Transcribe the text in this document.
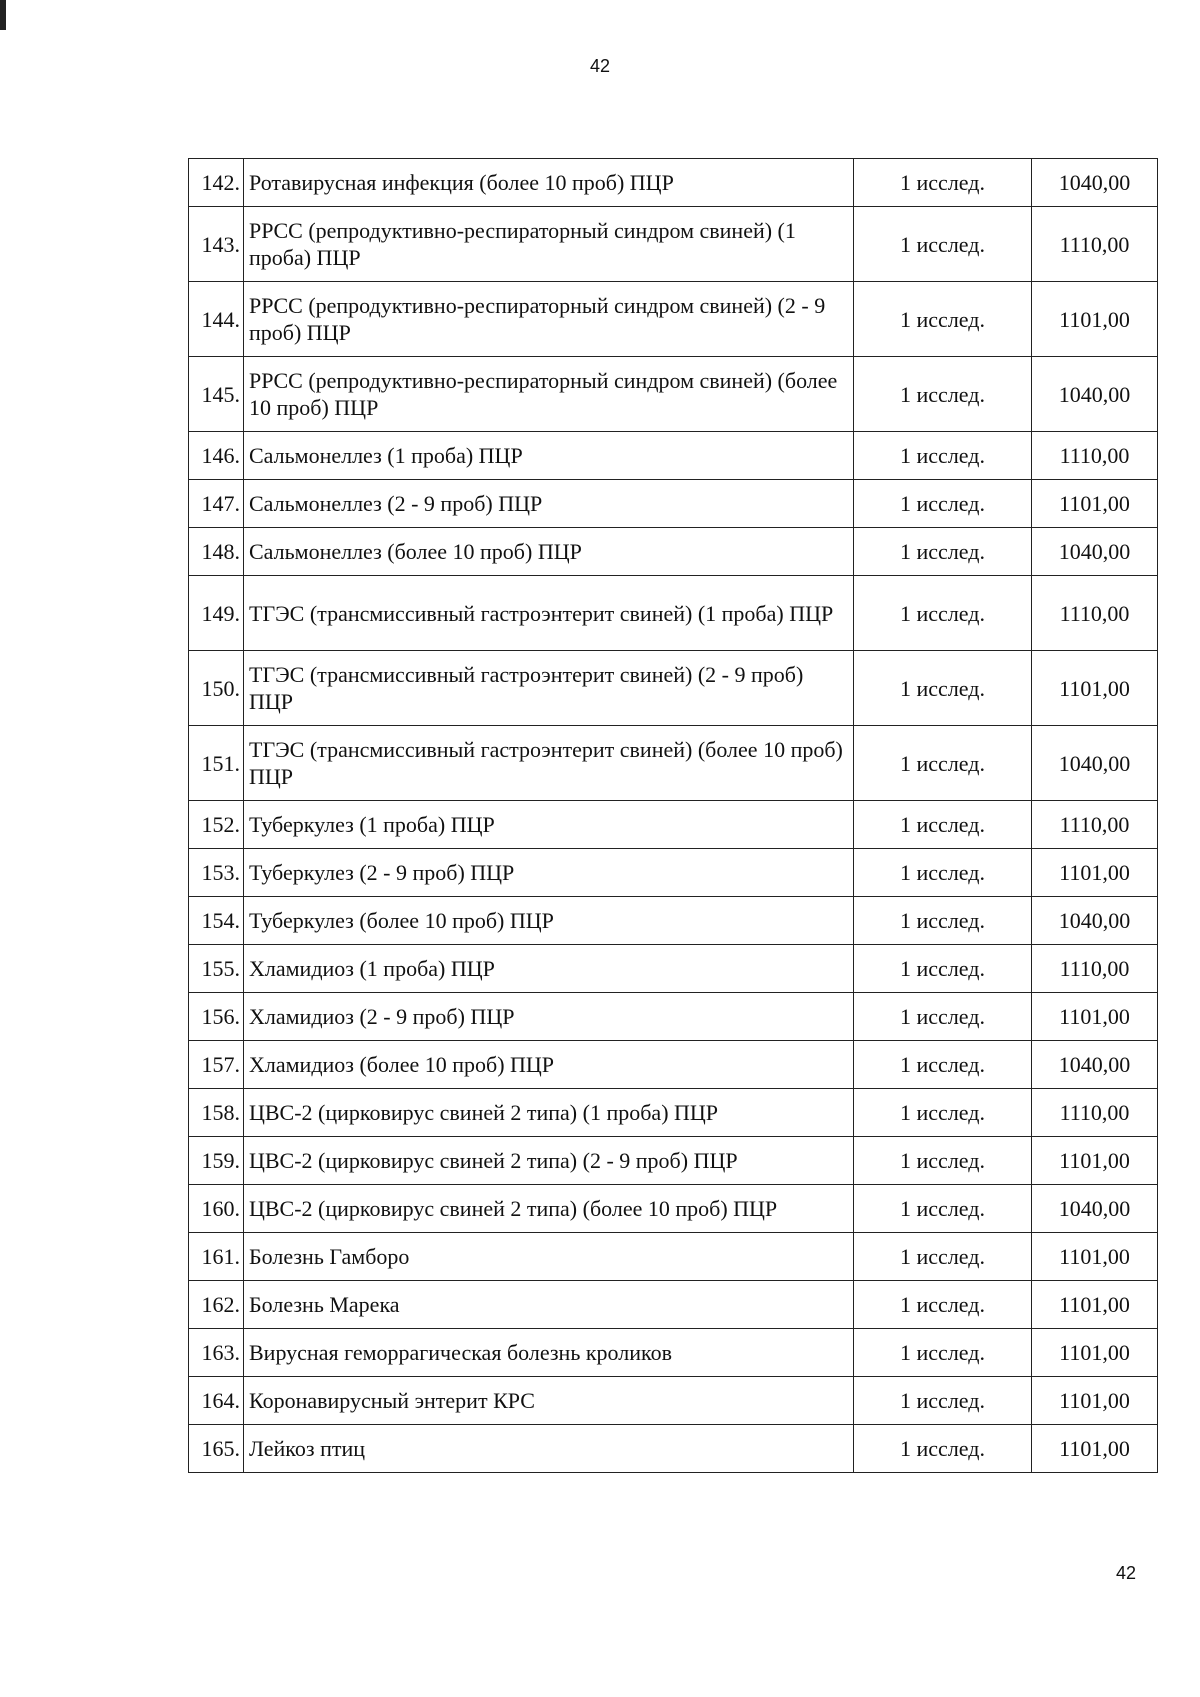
42
142.	Ротавирусная инфекция (более 10 проб) ПЦР	1 исслед.	1040,00
143.	PPCC (репродуктивно-респираторный синдром свиней) (1 проба) ПЦР	1 исслед.	1110,00
144.	PPCC (репродуктивно-респираторный синдром свиней) (2 - 9 проб) ПЦР	1 исслед.	1101,00
145.	PPCC (репродуктивно-респираторный синдром свиней) (более 10 проб) ПЦР	1 исслед.	1040,00
146.	Сальмонеллез (1 проба) ПЦР	1 исслед.	1110,00
147.	Сальмонеллез (2 - 9 проб) ПЦР	1 исслед.	1101,00
148.	Сальмонеллез (более 10 проб) ПЦР	1 исслед.	1040,00
149.	ТГЭС (трансмиссивный гастроэнтерит свиней) (1 проба) ПЦР	1 исслед.	1110,00
150.	ТГЭС (трансмиссивный гастроэнтерит свиней) (2 - 9 проб) ПЦР	1 исслед.	1101,00
151.	ТГЭС (трансмиссивный гастроэнтерит свиней) (более 10 проб) ПЦР	1 исслед.	1040,00
152.	Туберкулез (1 проба) ПЦР	1 исслед.	1110,00
153.	Туберкулез (2 - 9 проб) ПЦР	1 исслед.	1101,00
154.	Туберкулез (более 10 проб) ПЦР	1 исслед.	1040,00
155.	Хламидиоз (1 проба) ПЦР	1 исслед.	1110,00
156.	Хламидиоз (2 - 9 проб) ПЦР	1 исслед.	1101,00
157.	Хламидиоз (более 10 проб) ПЦР	1 исслед.	1040,00
158.	ЦВС-2 (цирковирус свиней 2 типа) (1 проба) ПЦР	1 исслед.	1110,00
159.	ЦВС-2 (цирковирус свиней 2 типа) (2 - 9 проб) ПЦР	1 исслед.	1101,00
160.	ЦВС-2 (цирковирус свиней 2 типа) (более 10 проб) ПЦР	1 исслед.	1040,00
161.	Болезнь Гамборо	1 исслед.	1101,00
162.	Болезнь Марека	1 исслед.	1101,00
163.	Вирусная геморрагическая болезнь кроликов	1 исслед.	1101,00
164.	Коронавирусный энтерит КРС	1 исслед.	1101,00
165.	Лейкоз птиц	1 исслед.	1101,00
42
